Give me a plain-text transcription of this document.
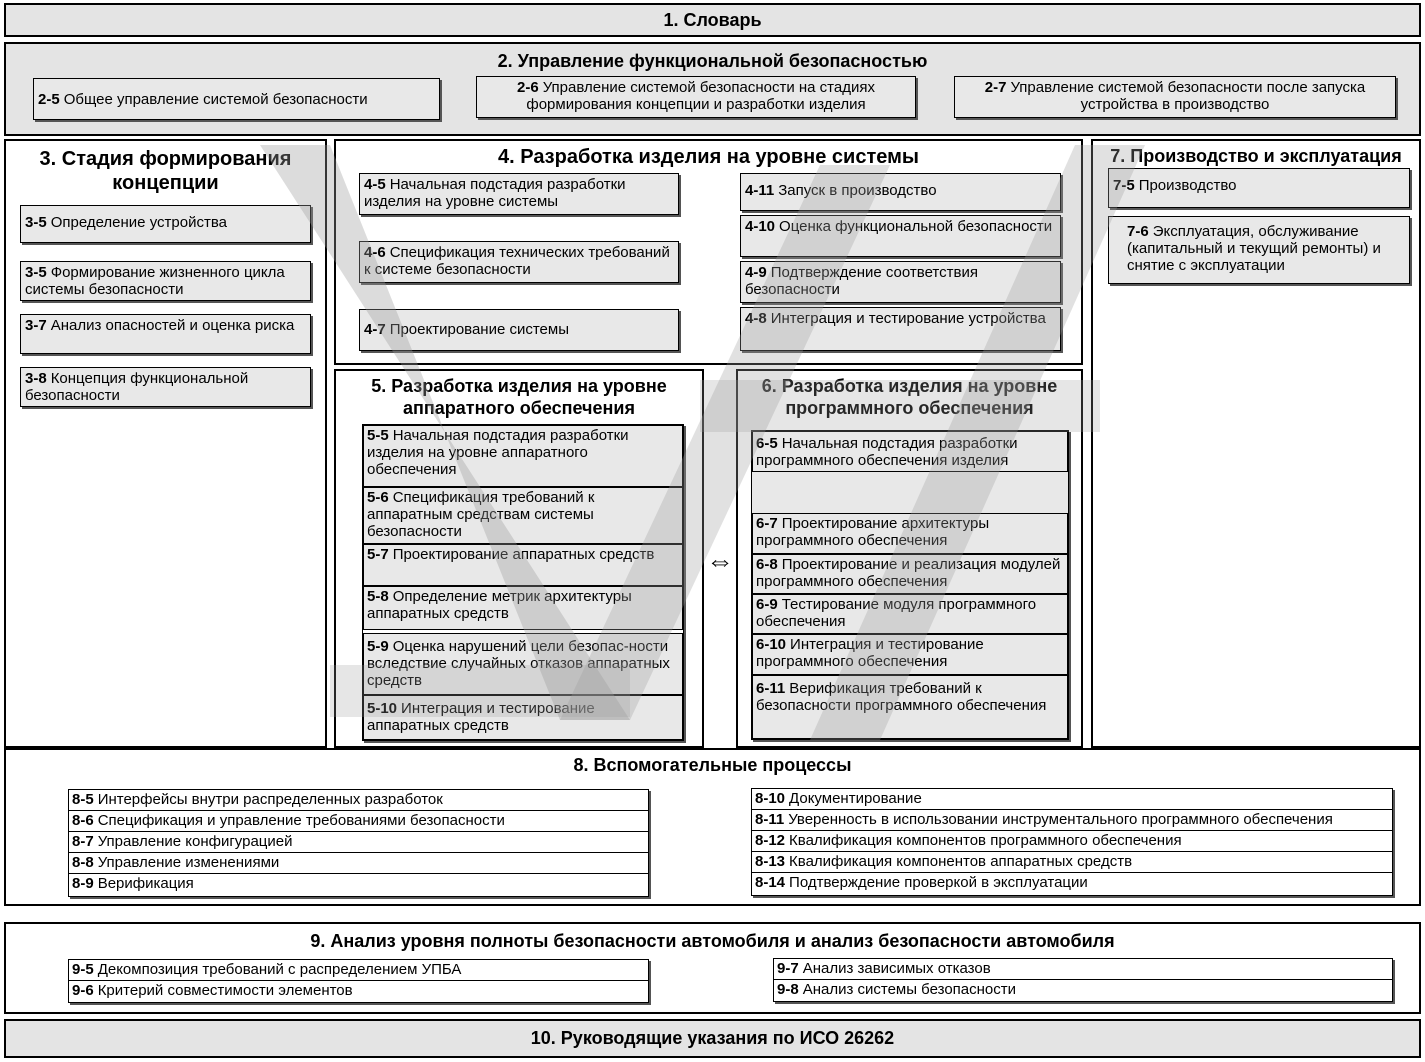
1. Словарь
2. Управление функциональной безопасностью
2-5 Общее управление системой безопасности
2-6 Управление системой безопасности на стадиях формирования концепции и разработки изделия
2-7 Управление системой безопасности после запуска устройства в производство
3. Стадия формирования концепции
3-5 Определение устройства
3-5 Формирование жизненного цикла системы безопасности
3-7 Анализ опасностей и оценка риска
3-8 Концепция функциональной безопасности
4. Разработка изделия на уровне системы
4-5 Начальная подстадия разработки изделия на уровне системы
4-6 Спецификация технических требований к системе безопасности
4-7 Проектирование системы
4-11 Запуск в производство
4-10 Оценка функциональной безопасности
4-9 Подтверждение соответствия безопасности
4-8 Интеграция и тестирование устройства
5. Разработка изделия на уровне аппаратного обеспечения
5-5 Начальная подстадия разработки изделия на уровне аппаратного обеспечения
5-6 Спецификация требований к аппаратным средствам системы безопасности
5-7 Проектирование аппаратных средств
5-8 Определение метрик архитектуры аппаратных средств
5-9 Оценка нарушений цели безопас-ности вследствие случайных отказов аппаратных средств
5-10 Интеграция и тестирование аппаратных средств
⇔
6. Разработка изделия на уровне программного обеспечения
6-5 Начальная подстадия разработки программного обеспечения изделия
6-7 Проектирование архитектуры программного обеспечения
6-8 Проектирование и реализация модулей программного обеспечения
6-9 Тестирование модуля программного обеспечения
6-10 Интеграция и тестирование программного обеспечения
6-11 Верификация требований к безопасности программного обеспечения
7. Производство и эксплуатация
7-5 Производство
7-6 Эксплуатация, обслуживание (капитальный и текущий ремонты) и снятие с эксплуатации
8. Вспомогательные процессы
8-5 Интерфейсы внутри распределенных разработок
8-6 Спецификация и управление требованиями безопасности
8-7 Управление конфигурацией
8-8 Управление изменениями
8-9 Верификация
8-10 Документирование
8-11 Уверенность в использовании инструментального программного обеспечения
8-12 Квалификация компонентов программного обеспечения
8-13 Квалификация компонентов аппаратных средств
8-14 Подтверждение проверкой в эксплуатации
9. Анализ уровня полноты безопасности автомобиля и анализ безопасности автомобиля
9-5 Декомпозиция требований с распределением УПБА
9-6 Критерий совместимости элементов
9-7 Анализ зависимых отказов
9-8 Анализ системы безопасности
10. Руководящие указания по ИСО 26262
